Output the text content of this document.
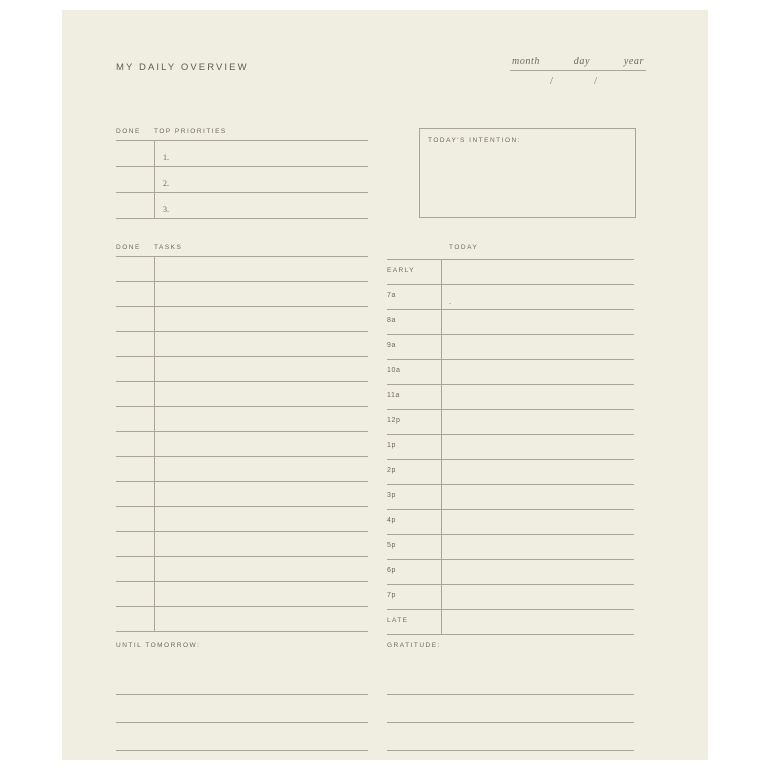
MY DAILY OVERVIEW
month	day	year
/	/
DONE	TOP PRIORITIES
1.
2.
3.
TODAY'S INTENTION:
DONE	TASKS	TODAY
EARLY
7a
.
8a
9a
10a
11a
12p
1p
2p
3p
4p
5p
6p
7p
LATE
UNTIL TOMORROW:	GRATITUDE:
